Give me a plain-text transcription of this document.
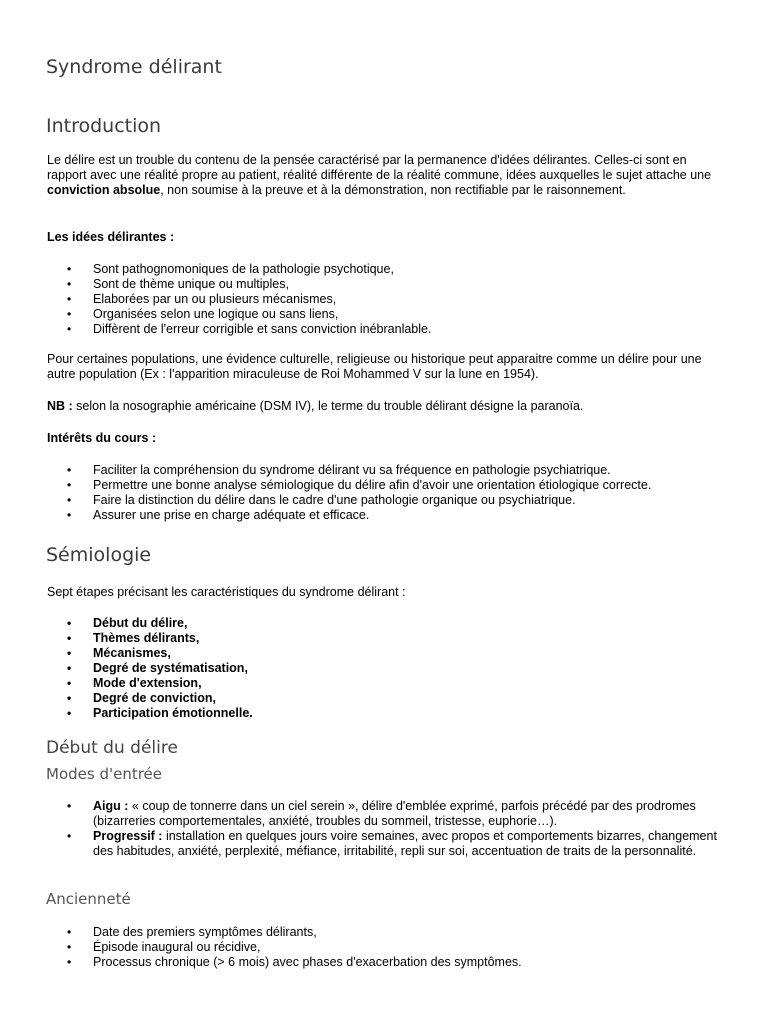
Syndrome délirant
Introduction

Le délire est un trouble du contenu de la pensée caractérisé par la permanence d'idées délirantes. Celles-ci sont en rapport avec une réalité propre au patient, réalité différente de la réalité commune, idées auxquelles le sujet attache une conviction absolue, non soumise à la preuve et à la démonstration, non rectifiable par le raisonnement.

Les idées délirantes :

• Sont pathognomoniques de la pathologie psychotique,
• Sont de thème unique ou multiples,
• Elaborées par un ou plusieurs mécanismes,
• Organisées selon une logique ou sans liens,
• Diffèrent de l'erreur corrigible et sans conviction inébranlable.

Pour certaines populations, une évidence culturelle, religieuse ou historique peut apparaitre comme un délire pour une autre population (Ex : l'apparition miraculeuse de Roi Mohammed V sur la lune en 1954).

NB : selon la nosographie américaine (DSM IV), le terme du trouble délirant désigne la paranoïa.

Intérêts du cours :

• Faciliter la compréhension du syndrome délirant vu sa fréquence en pathologie psychiatrique.
• Permettre une bonne analyse sémiologique du délire afin d'avoir une orientation étiologique correcte.
• Faire la distinction du délire dans le cadre d'une pathologie organique ou psychiatrique.
• Assurer une prise en charge adéquate et efficace.
Sémiologie

Sept étapes précisant les caractéristiques du syndrome délirant :

• Début du délire,
• Thèmes délirants,
• Mécanismes,
• Degré de systématisation,
• Mode d'extension,
• Degré de conviction,
• Participation émotionnelle.
Début du délire
Modes d'entrée
• Aigu : « coup de tonnerre dans un ciel serein », délire d'emblée exprimé, parfois précédé par des prodromes (bizarreries comportementales, anxiété, troubles du sommeil, tristesse, euphorie…).
• Progressif : installation en quelques jours voire semaines, avec propos et comportements bizarres, changement des habitudes, anxiété, perplexité, méfiance, irritabilité, repli sur soi, accentuation de traits de la personnalité.
Ancienneté
• Date des premiers symptômes délirants,
• Épisode inaugural ou récidive,
• Processus chronique (> 6 mois) avec phases d'exacerbation des symptômes.
